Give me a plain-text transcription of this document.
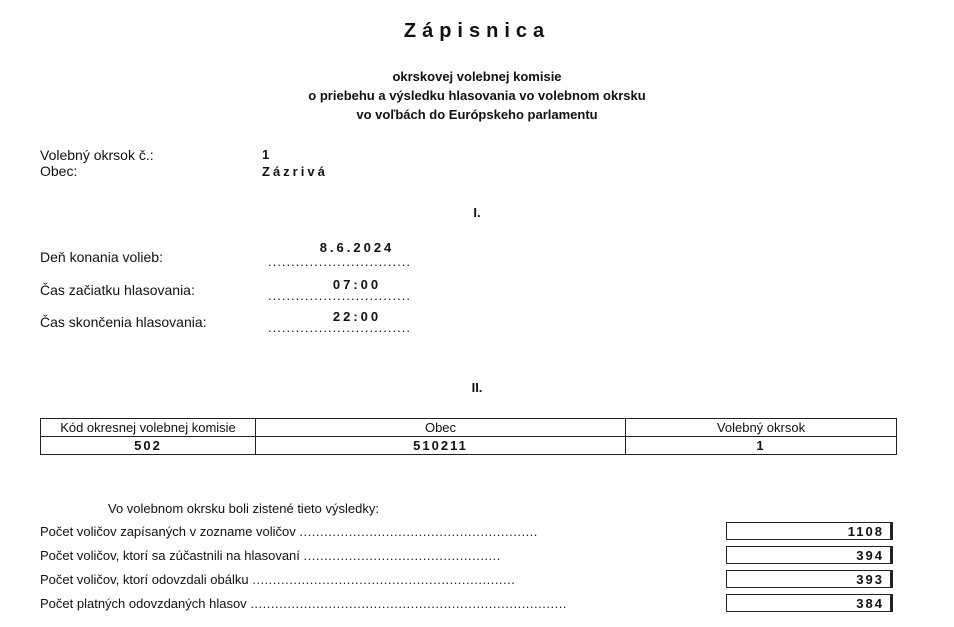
Zápisnica
okrskovej volebnej komisie
o priebehu a výsledku hlasovania vo volebnom okrsku
vo voľbách do Európskeho parlamentu
Volebný okrsok č.:	1
Obec:	Zázrivá
I.
Deň konania volieb:
8.6.2024
...............................
Čas začiatku hlasovania:	07:00
...............................
Čas skončenia hlasovania:	22:00
...............................
II.
Kód okresnej volebnej komisie	Obec	Volebný okrsok
502	510211	1
Vo volebnom okrsku boli zistené tieto výsledky:
Počet voličov zapísaných v zozname voličov ..........................................................	1108
Počet voličov, ktorí sa zúčastnili na hlasovaní ................................................	394
Počet voličov, ktorí odovzdali obálku ................................................................	393
Počet platných odovzdaných hlasov .............................................................................	384
